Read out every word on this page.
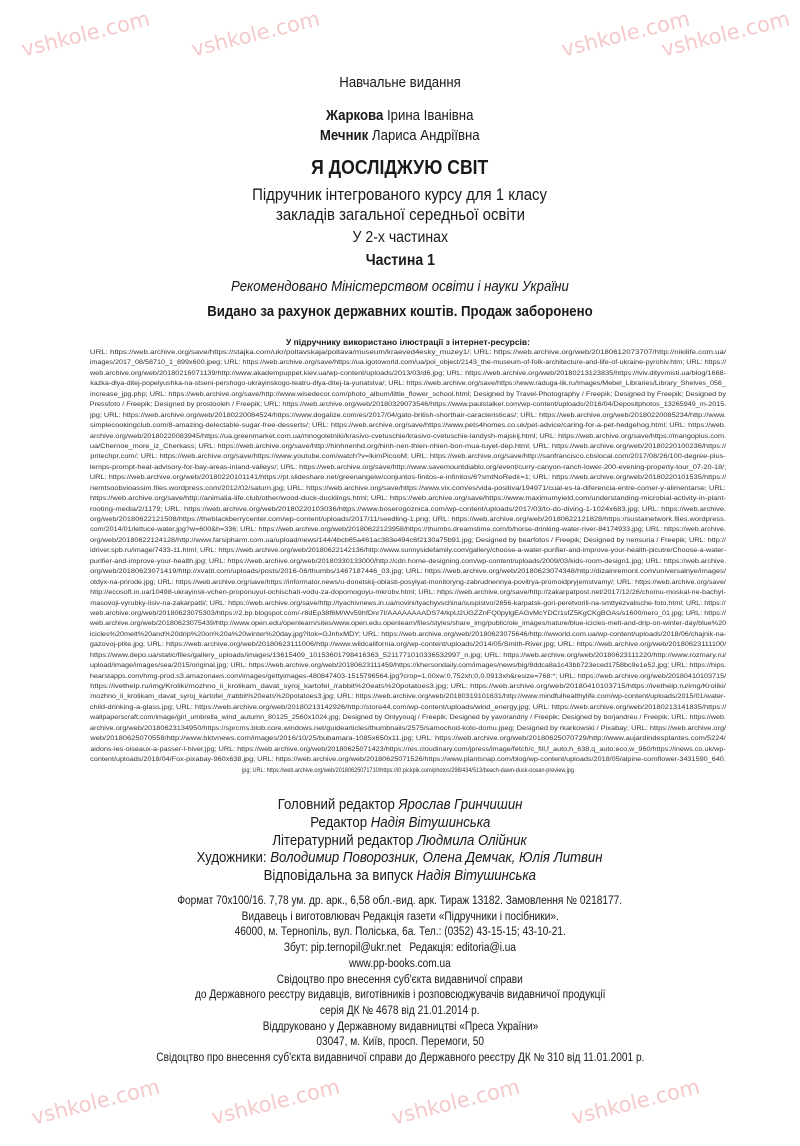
vshkole.com vshkole.com	vshkole.com
vshkole.com
vshkole.com vshkole.com vshkole.com vshkole.com
Навчальне видання
Жаркова Ірина Іванівна
Мечник Лариса Андріївна
Я ДОСЛІДЖУЮ СВІТ
Підручник інтегрованого курсу для 1 класу
закладів загальної середньої освіти
У 2-х частинах
Частина 1
Рекомендовано Міністерством освіти і науки України
Видано за рахунок державних коштів. Продаж заборонено
У підручнику використано ілюстрації з інтернет-ресурсів:
URL: https://web.archive.org/save/https://stajka.com/ukr/poltavskaja/poltava/museum/kraeved4esky_muzey1/; URL: https://web.archive.org/web/20180612073707/http://nikilife.com.ua/
images/2017_08/58710_1_899x600.jpeg; URL: https://web.archive.org/save/https://ua.igotoworld.com/ua/poi_object/2143_the-museum-of-folk-architecture-and-life-of-ukraine-pyrohiv.htm; URL: https://
web.archive.org/web/20180216071139/http://www.akadempuppet.kiev.ua/wp-content/uploads/2013/03/d6.jpg; URL: https://web.archive.org/web/20180213123835/https://lviv.dityvmisti.ua/blog/1668-
kazka-dlya-ditej-popelyushka-na-stseni-pershogo-ukrayinskogo-teatru-dlya-ditej-ta-yunatstva/; URL: https://web.archive.org/save/https://www.raduga-lik.ru/Images/Mebel_Libraries/Library_Shelves_056_
increase_jpg.php; URL: https://web.archive.org/save/http://www.wisedecor.com/photo_album/little_flower_school.html; Designed by Travel-Photography / Freepik; Designed by Freepik; Designed by
Pressfoto / Freepik; Designed by prostooleh / Freepik; URL: https://web.archive.org/web/20180329073546/https://www.paulstalker.com/wp-content/uploads/2016/04/Depositphotos_13265949_m-2015.
jpg; URL: https://web.archive.org/web/20180220084524/https://www.dogalize.com/es/2017/04/gato-british-shorthair-caracteristicas/; URL: https://web.archive.org/web/20180220085234/http://www.
simplecookingclub.com/8-amazing-delectable-sugar-free-desserts/; URL: https://web.archive.org/save/https://www.pets4homes.co.uk/pet-advice/caring-for-a-pet-hedgehog.html; URL: https://web.
archive.org/web/20180220083945/https://ua.greenmarket.com.ua/mnogoletniki/krasivo-cvetuschie/krasivo-cvetuschie-landysh-majskij.html; URL: https://web.archive.org/save/https://mangoplus.com.
ua/Chernoe_more_iz_Cherkass; URL: https://web.archive.org/save/http://hinhnenhd.org/hinh-nen-thien-nhien-bon-mua-tuyet-dep.html; URL: https://web.archive.org/web/20180220100236/https://
pritechpr.com/; URL: https://web.archive.org/save/https://www.youtube.com/watch?v=lkimPicooM; URL: https://web.archive.org/save/http://sanfrancisco.cbslocal.com/2017/08/26/100-degree-plus-
temps-prompt-heat-advisory-for-bay-areas-inland-valleys/; URL: https://web.archive.org/save/http://www.savemountdiablo.org/event/curry-canyon-ranch-lower-200-evening-property-tour_07-20-18/;
URL: https://web.archive.org/web/20180220101141/https://pt.slideshare.net/greenangelw/conjuntos-finitos-e-infinitos/6?smtNoRedir=1; URL: https://web.archive.org/web/20180220101535/https://
nemtsoobvioassim.files.wordpress.com/2012/02/saturn.jpg; URL: https://web.archive.org/save/https://www.vix.com/es/vida-positiva/194971/cual-es-la-diferencia-entre-comer-y-alimentarse; URL:
https://web.archive.org/save/http://animalia-life.club/other/wood-duck-ducklings.html; URL: https://web.archive.org/save/https://www.maximumyield.com/understanding-microbial-activity-in-plant-
rooting-media/2/1179; URL: https://web.archive.org/web/20180220103036/https://www.boserogoznica.com/wp-content/uploads/2017/03/to-do-diving-1-1024x683.jpg; URL: https://web.archive.
org/web/20180622121508/https://theblackberrycenter.com/wp-content/uploads/2017/11/seedling-1.png; URL: https://web.archive.org/web/20180622121828/https://sustainetwork.files.wordpress.
com/2014/01/lettuce-water.jpg?w=600&h=336; URL: https://web.archive.org/web/20180622123958/https://thumbs.dreamstime.com/b/horse-drinking-water-river-84174933.jpg; URL: https://web.archive.
org/web/20180622124128/http://www.farsipharm.com.ua/upload/news/144/4bcb65a461ac383e494c6f2130a75b91.jpg; Designed by bearfotos / Freepik; Designed by nensuria / Freepik; URL: http://
idriver.spb.ru/image/7433-11.html; URL: https://web.archive.org/web/20180622142136/http://www.sunnysidefamily.com/gallery/choose-a-water-purifier-and-improve-your-health-picutre/Choose-a-water-
purifier-and-improve-your-health.jpg; URL: https://web.archive.org/web/20180330133000/http://cdn.home-designing.com/wp-content/uploads/2009/03/kids-room-design1.jpg; URL: https://web.archive.
org/web/20180623071419/http://xvatit.com/uploads/posts/2016-06/thumbs/1467187446_03.jpg; URL: https://web.archive.org/web/20180623074348/http://dizainremont.com/universalnye/images/
otdyx-na-prirode.jpg; URL: https://web.archive.org/save/https://informator.news/u-donetskij-oblasti-posylyat-monitoryng-zabrudnennya-povitrya-promoidpryjemstvamy/; URL: https://web.archive.org/save/
http://ecosoft.in.ua/10498-ukrayinsk-vchen-proponuyut-ochischati-vodu-za-dopomogoyu-mkrobv.html; URL: https://web.archive.org/save/http://zakarpatpost.net/2017/12/26/chomu-moskal-ne-bachyt-
masovoji-vyrubky-lisiv-na-zakarpatti/; URL: https://web.archive.org/save/http://tyachivnews.in.ua/novini/tyachyvschina/suspistvo/2656-karpatsk-gori-peretvorili-na-smttyezvalische-foto.html; URL: https://
web.archive.org/web/20180623075303/https://2.bp.blogspot.com/-r8dEp38f6M/Wv59hfDnr7I/AAAAAAAADS74/kpU2UGZZnFQ0pylgEAGvMcYDCI1sfZ5KgCKgBGAs/s1600/nero_01.jpg; URL: https://
web.archive.org/web/20180623075439/http://www.open.edu/openlearn/sites/www.open.edu.openlearn/files/styles/share_img/public/ole_images/nature/blue-icicles-melt-and-drip-on-winter-day/blue%20
icicles%20melt%20and%20drip%20on%20a%20winter%20day.jpg?itok=GJnhxMDY; URL: https://web.archive.org/web/20180623075646/http://wworld.com.ua/wp-content/uploads/2018/06/chajnik-na-
gazovoj-plite.jpg; URL: https://web.archive.org/web/20180623111006/http://www.wildcalifornia.org/wp-content/uploads/2014/05/Smith-River.jpg; URL: https://web.archive.org/web/20180623111100/
https://www.depo.ua/static/files/gallery_uploads/images/13615409_10153601798416363_5211771010336532997_n.jpg; URL: https://web.archive.org/web/20180623111220/http://www.rozmary.ru/
upload/image/images/sea/2015/original.jpg; URL: https://web.archive.org/web/20180623111459/https://khersondaily.com/images/news/big/8ddca8a1c43bb723eced1758bc9e1e52.jpg; URL: https://hips.
hearstapps.com/hmg-prod.s3.amazonaws.com/images/gettyimages-480847403-1515796564.jpg?crop=1.00xw:0.752xh;0,0.0913xh&resize=768:*; URL: https://web.archive.org/web/20180410103715/
https://ivethelp.ru/img/Kroliki/mozhno_li_krolikam_davat_syroj_kartofel_/rabbit%20eats%20potatoes3.jpg; URL: https://web.archive.org/web/20180410103715/https://ivethelp.ru/img/Kroliki/
mozhno_li_krolikam_davat_syroj_kartofel_/rabbit%20eats%20potatoes3.jpg; URL: https://web.archive.org/web/20180319101631/http://www.mindfulhealthylife.com/wp-content/uploads/2015/01/water-
child-drinking-a-glass.jpg; URL: https://web.archive.org/web/20180213142926/http://store44.com/wp-content/uploads/wind_energy.jpg; URL: https://web.archive.org/web/20180213141835/https://
wallpaperscraft.com/image/girl_umbrella_wind_autumn_80125_2560x1024.jpg; Designed by Onlyyouqj / Freepik; Designed by yavorandriy / Freepik; Designed by borjandreu / Freepik; URL: https://web.
archive.org/web/20180623134950/https://sprcms.blob.core.windows.net/guidearticles/thumbnails/2575/samochod-kolo-domu.jpeg; Designed by rkarkowski / Pixabay; URL: https://web.archive.org/
web/20180625070558/http://www.bktvnews.com/images/2016/10/25/bubamara-1085x650x11.jpg; URL: https://web.archive.org/web/20180625070729/http://www.aujardindesplantes.com/5224/
aidons-les-oiseaux-a-passer-l-hiver.jpg; URL: https://web.archive.org/web/20180625071423/https://res.cloudinary.com/jpress/image/fetch/c_fill,f_auto,h_638,q_auto:eco,w_960/https://inews.co.uk/wp-
content/uploads/2018/04/Fox-pixabay-960x638.jpg; URL: https://web.archive.org/web/20180625071526/https://www.plantsnap.com/blog/wp-content/uploads/2018/05/alpine-cornflower-3431590_640.
jpg; URL: https://web.archive.org/web/20180625071710/https://i0.pickpik.com/photos/298/434/513/beach-dawn-dusk-ocean-preview.jpg
Головний редактор Ярослав Гринчишин
Редактор Надія Вітушинська
Літературний редактор Людмила Олійник
Художники: Володимир Поворозник, Олена Демчак, Юлія Литвин
Відповідальна за випуск Надія Вітушинська
Формат 70x100/16. 7,78 ум. др. арк., 6,58 обл.-вид. арк. Тираж 13182. Замовлення № 0218177.
Видавець і виготовлювач Редакція газети «Підручники і посібники».
46000, м. Тернопіль, вул. Поліська, 6а. Тел.: (0352) 43-15-15; 43-10-21.
Збут: pip.ternopil@ukr.net   Редакція: editoria@i.ua
www.pp-books.com.ua
Свідоцтво про внесення суб'єкта видавничої справи
до Державного реєстру видавців, виготівників і розповсюджувачів видавничої продукції
серія ДК № 4678 від 21.01.2014 р.
Віддруковано у Державному видавництві «Преса України»
03047, м. Київ, просп. Перемоги, 50
Свідоцтво про внесення суб'єкта видавничої справи до Державного реєстру ДК № 310 від 11.01.2001 р.
